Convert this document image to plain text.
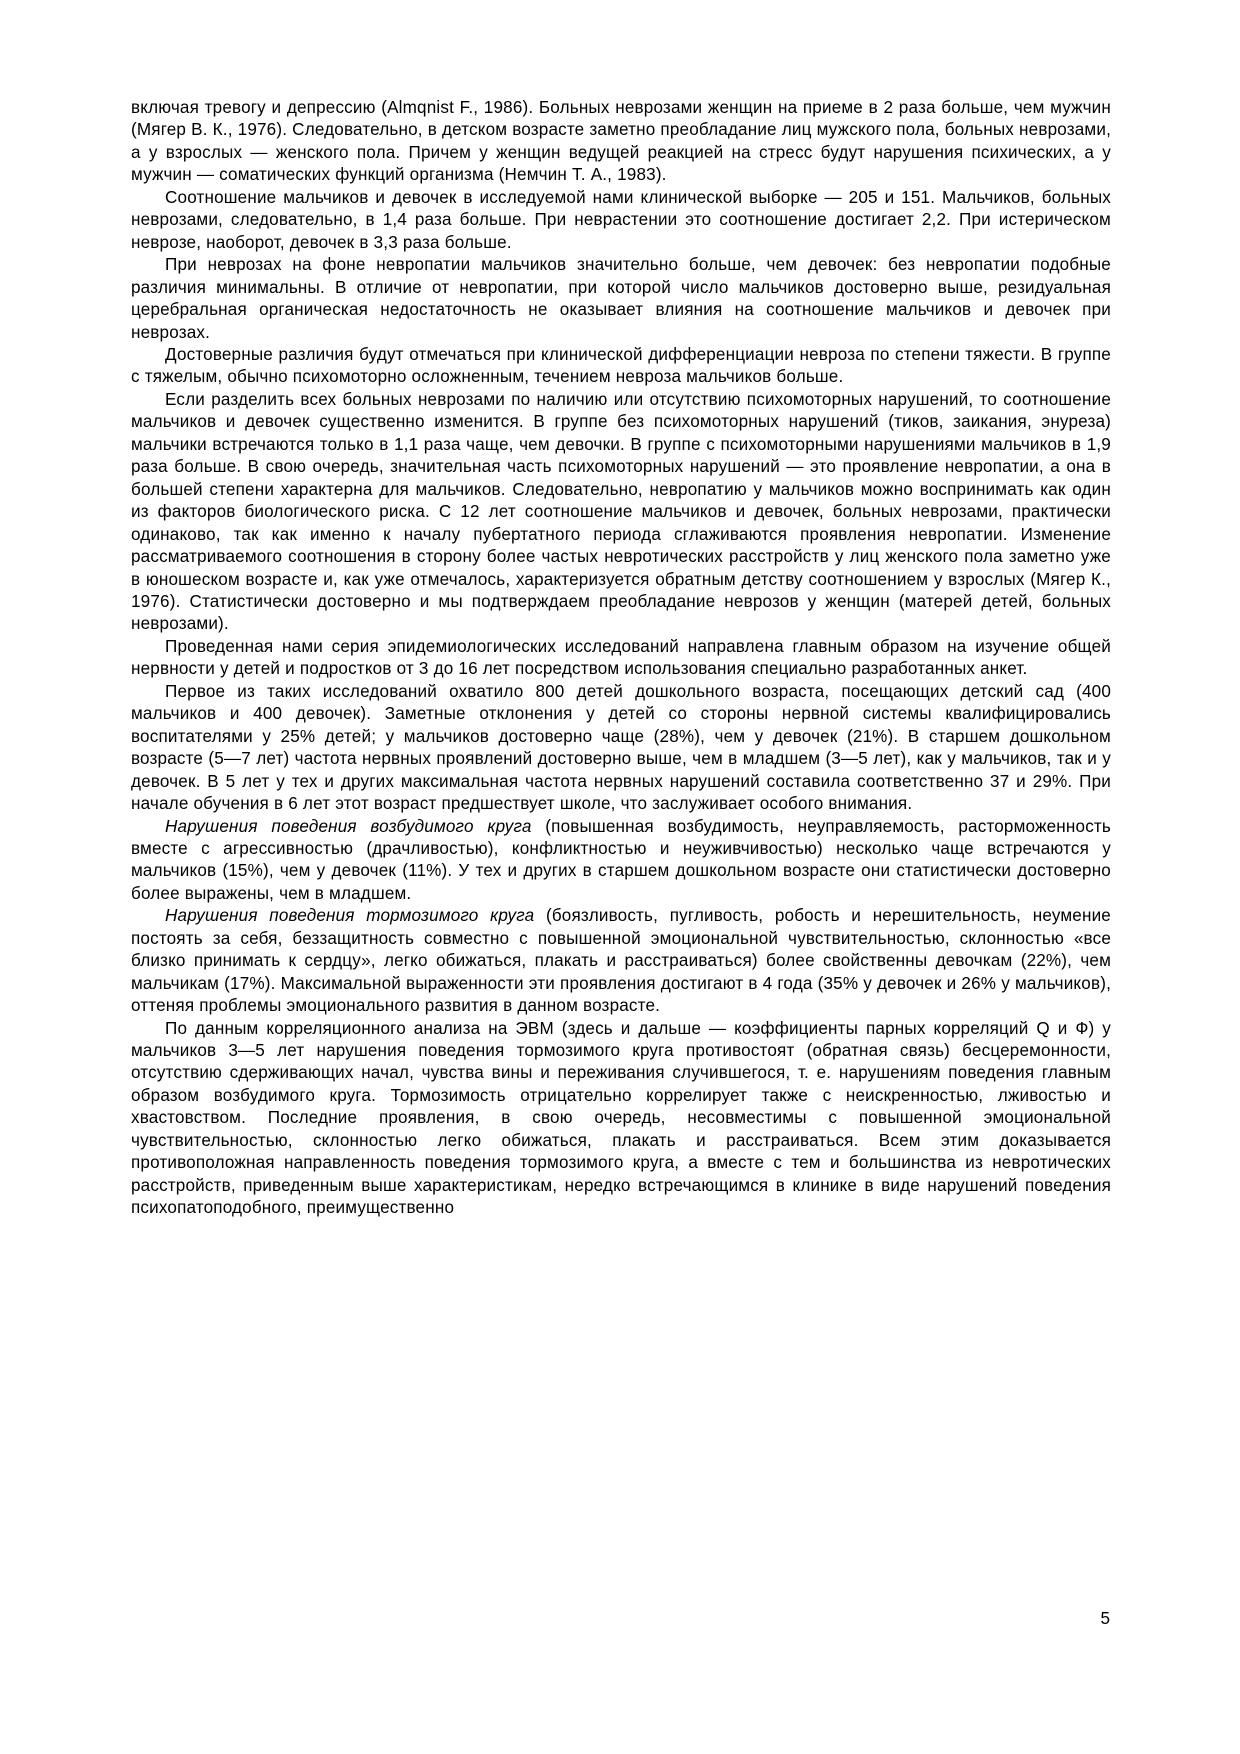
включая тревогу и депрессию (Almqnist F., 1986). Больных неврозами женщин на приеме в 2 раза больше, чем мужчин (Мягер В. К., 1976). Следовательно, в детском возрасте заметно преобладание лиц мужского пола, больных неврозами, а у взрослых — женского пола. Причем у женщин ведущей реакцией на стресс будут нарушения психических, а у мужчин — соматических функций организма (Немчин Т. А., 1983).

Соотношение мальчиков и девочек в исследуемой нами клинической выборке — 205 и 151. Мальчиков, больных неврозами, следовательно, в 1,4 раза больше. При неврастении это соотношение достигает 2,2. При истерическом неврозе, наоборот, девочек в 3,3 раза больше.

При неврозах на фоне невропатии мальчиков значительно больше, чем девочек: без невропатии подобные различия минимальны. В отличие от невропатии, при которой число мальчиков достоверно выше, резидуальная церебральная органическая недостаточность не оказывает влияния на соотношение мальчиков и девочек при неврозах.

Достоверные различия будут отмечаться при клинической дифференциации невроза по степени тяжести. В группе с тяжелым, обычно психомоторно осложненным, течением невроза мальчиков больше.

Если разделить всех больных неврозами по наличию или отсутствию психомоторных нарушений, то соотношение мальчиков и девочек существенно изменится. В группе без психомоторных нарушений (тиков, заикания, энуреза) мальчики встречаются только в 1,1 раза чаще, чем девочки. В группе с психомоторными нарушениями мальчиков в 1,9 раза больше. В свою очередь, значительная часть психомоторных нарушений — это проявление невропатии, а она в большей степени характерна для мальчиков. Следовательно, невропатию у мальчиков можно воспринимать как один из факторов биологического риска. С 12 лет соотношение мальчиков и девочек, больных неврозами, практически одинаково, так как именно к началу пубертатного периода сглаживаются проявления невропатии. Изменение рассматриваемого соотношения в сторону более частых невротических расстройств у лиц женского пола заметно уже в юношеском возрасте и, как уже отмечалось, характеризуется обратным детству соотношением у взрослых (Мягер К., 1976). Статистически достоверно и мы подтверждаем преобладание неврозов у женщин (матерей детей, больных неврозами).

Проведенная нами серия эпидемиологических исследований направлена главным образом на изучение общей нервности у детей и подростков от 3 до 16 лет посредством использования специально разработанных анкет.

Первое из таких исследований охватило 800 детей дошкольного возраста, посещающих детский сад (400 мальчиков и 400 девочек). Заметные отклонения у детей со стороны нервной системы квалифицировались воспитателями у 25% детей; у мальчиков достоверно чаще (28%), чем у девочек (21%). В старшем дошкольном возрасте (5—7 лет) частота нервных проявлений достоверно выше, чем в младшем (3—5 лет), как у мальчиков, так и у девочек. В 5 лет у тех и других максимальная частота нервных нарушений составила соответственно 37 и 29%. При начале обучения в 6 лет этот возраст предшествует школе, что заслуживает особого внимания.

Нарушения поведения возбудимого круга (повышенная возбудимость, неуправляемость, расторможенность вместе с агрессивностью (драчливостью), конфликтностью и неуживчивостью) несколько чаще встречаются у мальчиков (15%), чем у девочек (11%). У тех и других в старшем дошкольном возрасте они статистически достоверно более выражены, чем в младшем.

Нарушения поведения тормозимого круга (боязливость, пугливость, робость и нерешительность, неумение постоять за себя, беззащитность совместно с повышенной эмоциональной чувствительностью, склонностью «все близко принимать к сердцу», легко обижаться, плакать и расстраиваться) более свойственны девочкам (22%), чем мальчикам (17%). Максимальной выраженности эти проявления достигают в 4 года (35% у девочек и 26% у мальчиков), оттеняя проблемы эмоционального развития в данном возрасте.

По данным корреляционного анализа на ЭВМ (здесь и дальше — коэффициенты парных корреляций Q и Ф) у мальчиков 3—5 лет нарушения поведения тормозимого круга противостоят (обратная связь) бесцеремонности, отсутствию сдерживающих начал, чувства вины и переживания случившегося, т. е. нарушениям поведения главным образом возбудимого круга. Тормозимость отрицательно коррелирует также с неискренностью, лживостью и хвастовством. Последние проявления, в свою очередь, несовместимы с повышенной эмоциональной чувствительностью, склонностью легко обижаться, плакать и расстраиваться. Всем этим доказывается противоположная направленность поведения тормозимого круга, а вместе с тем и большинства из невротических расстройств, приведенным выше характеристикам, нередко встречающимся в клинике в виде нарушений поведения психопатоподобного, преимущественно

5
